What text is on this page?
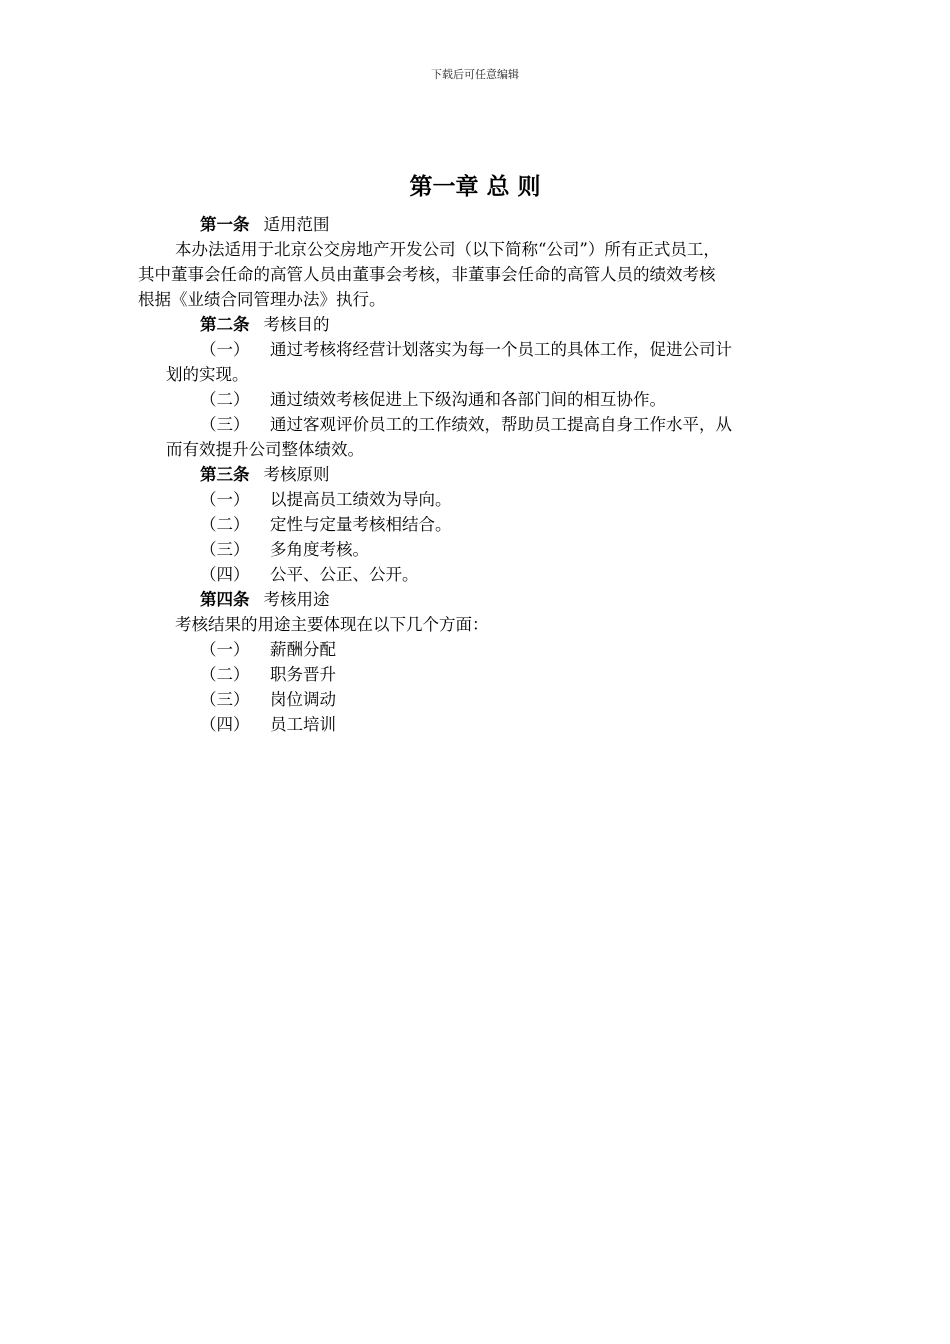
下载后可任意编辑
第一章 总 则
第一条 适用范围
本办法适用于北京公交房地产开发公司（以下简称“公司”）所有正式员工，
其中董事会任命的高管人员由董事会考核，非董事会任命的高管人员的绩效考核
根据《业绩合同管理办法》执行。
第二条 考核目的
（一） 通过考核将经营计划落实为每一个员工的具体工作，促进公司计
划的实现。
（二） 通过绩效考核促进上下级沟通和各部门间的相互协作。
（三） 通过客观评价员工的工作绩效，帮助员工提高自身工作水平，从
而有效提升公司整体绩效。
第三条 考核原则
（一） 以提高员工绩效为导向。
（二） 定性与定量考核相结合。
（三） 多角度考核。
（四） 公平、公正、公开。
第四条 考核用途
考核结果的用途主要体现在以下几个方面：
（一） 薪酬分配
（二） 职务晋升
（三） 岗位调动
（四） 员工培训
